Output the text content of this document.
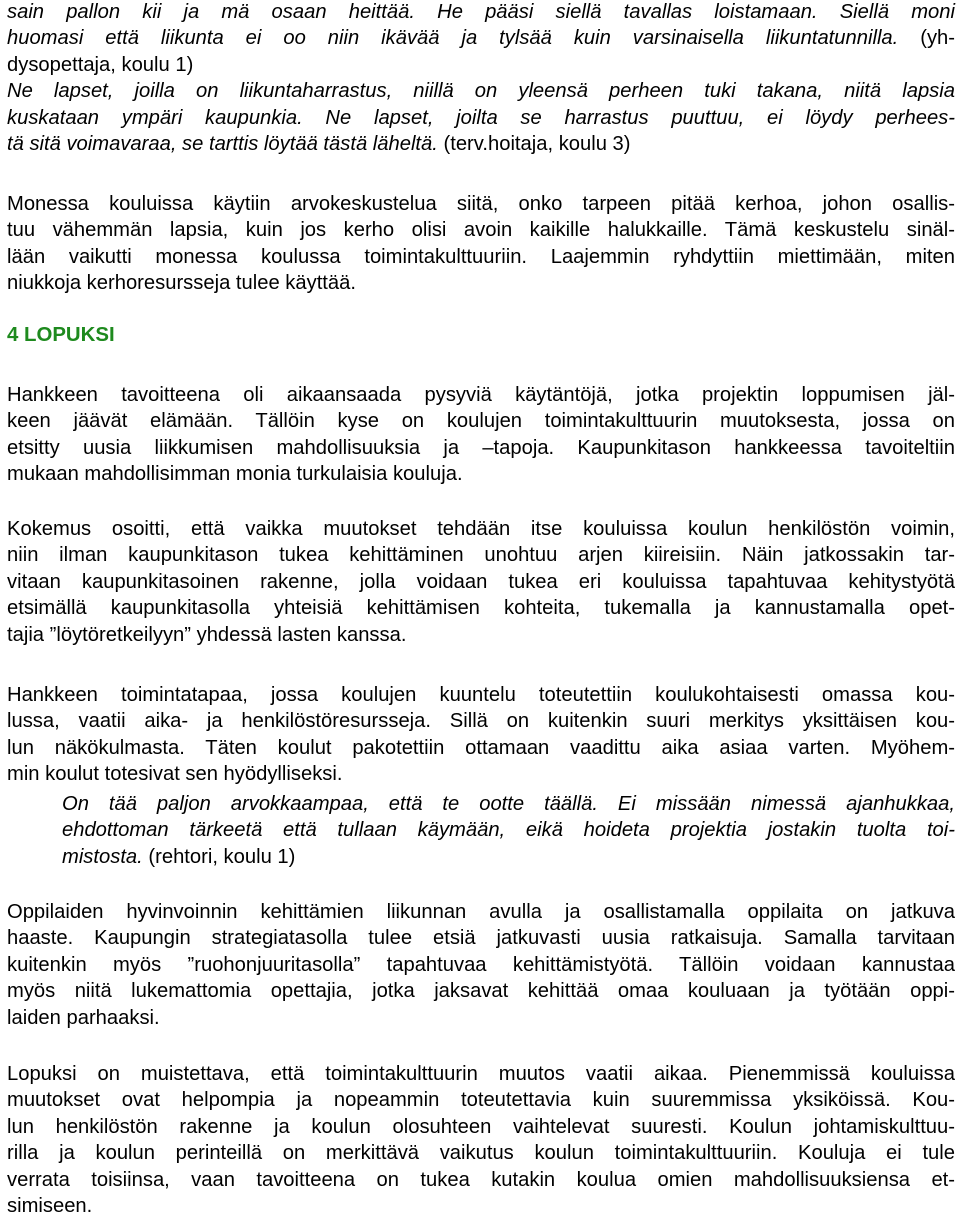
sain pallon kii ja mä osaan heittää. He pääsi siellä tavallas loistamaan. Siellä moni
huomasi että liikunta ei oo niin ikävää ja tylsää kuin varsinaisella liikuntatunnilla. (yh-
dysopettaja, koulu 1)
Ne lapset, joilla on liikuntaharrastus, niillä on yleensä perheen tuki takana, niitä lapsia
kuskataan ympäri kaupunkia. Ne lapset, joilta se harrastus puuttuu, ei löydy perhees-
tä sitä voimavaraa, se tarttis löytää tästä läheltä. (terv.hoitaja, koulu 3)
Monessa kouluissa käytiin arvokeskustelua siitä, onko tarpeen pitää kerhoa, johon osallis-
tuu vähemmän lapsia, kuin jos kerho olisi avoin kaikille halukkaille. Tämä keskustelu sinäl-
lään vaikutti monessa koulussa toimintakulttuuriin. Laajemmin ryhdyttiin miettimään, miten
niukkoja kerhoresursseja tulee käyttää.
4 LOPUKSI
Hankkeen tavoitteena oli aikaansaada pysyviä käytäntöjä, jotka projektin loppumisen jäl-
keen jäävät elämään. Tällöin kyse on koulujen toimintakulttuurin muutoksesta, jossa on
etsitty uusia liikkumisen mahdollisuuksia ja –tapoja. Kaupunkitason hankkeessa tavoiteltiin
mukaan mahdollisimman monia turkulaisia kouluja.
Kokemus osoitti, että vaikka muutokset tehdään itse kouluissa koulun henkilöstön voimin,
niin ilman kaupunkitason tukea kehittäminen unohtuu arjen kiireisiin. Näin jatkossakin tar-
vitaan kaupunkitasoinen rakenne, jolla voidaan tukea eri kouluissa tapahtuvaa kehitystyötä
etsimällä kaupunkitasolla yhteisiä kehittämisen kohteita, tukemalla ja kannustamalla opet-
tajia ”löytöretkeilyyn” yhdessä lasten kanssa.
Hankkeen toimintatapaa, jossa koulujen kuuntelu toteutettiin koulukohtaisesti omassa kou-
lussa, vaatii aika- ja henkilöstöresursseja. Sillä on kuitenkin suuri merkitys yksittäisen kou-
lun näkökulmasta. Täten koulut pakotettiin ottamaan vaadittu aika asiaa varten. Myöhem-
min koulut totesivat sen hyödylliseksi.
On tää paljon arvokkaampaa, että te ootte täällä. Ei missään nimessä ajanhukkaa,
ehdottoman tärkeetä että tullaan käymään, eikä hoideta projektia jostakin tuolta toi-
mistosta. (rehtori, koulu 1)
Oppilaiden hyvinvoinnin kehittämien liikunnan avulla ja osallistamalla oppilaita on jatkuva
haaste. Kaupungin strategiatasolla tulee etsiä jatkuvasti uusia ratkaisuja. Samalla tarvitaan
kuitenkin myös ”ruohonjuuritasolla” tapahtuvaa kehittämistyötä. Tällöin voidaan kannustaa
myös niitä lukemattomia opettajia, jotka jaksavat kehittää omaa kouluaan ja työtään oppi-
laiden parhaaksi.
Lopuksi on muistettava, että toimintakulttuurin muutos vaatii aikaa. Pienemmissä kouluissa
muutokset ovat helpompia ja nopeammin toteutettavia kuin suuremmissa yksiköissä. Kou-
lun henkilöstön rakenne ja koulun olosuhteen vaihtelevat suuresti. Koulun johtamiskulttuu-
rilla ja koulun perinteillä on merkittävä vaikutus koulun toimintakulttuuriin. Kouluja ei tule
verrata toisiinsa, vaan tavoitteena on tukea kutakin koulua omien mahdollisuuksiensa et-
simiseen.
